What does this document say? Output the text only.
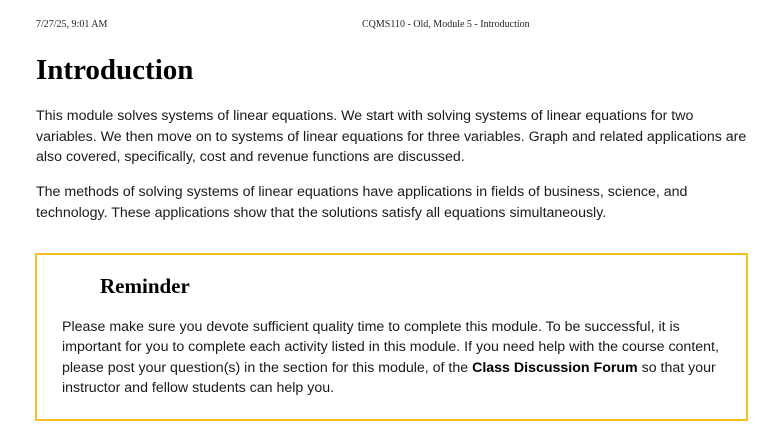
7/27/25, 9:01 AM	CQMS110 - Old, Module 5 - Introduction
Introduction

This module solves systems of linear equations. We start with solving systems of linear equations for two variables. We then move on to systems of linear equations for three variables. Graph and related applications are also covered, specifically, cost and revenue functions are discussed.

The methods of solving systems of linear equations have applications in fields of business, science, and technology. These applications show that the solutions satisfy all equations simultaneously.

Reminder

Please make sure you devote sufficient quality time to complete this module. To be successful, it is important for you to complete each activity listed in this module. If you need help with the course content, please post your question(s) in the section for this module, of the Class Discussion Forum so that your instructor and fellow students can help you.
